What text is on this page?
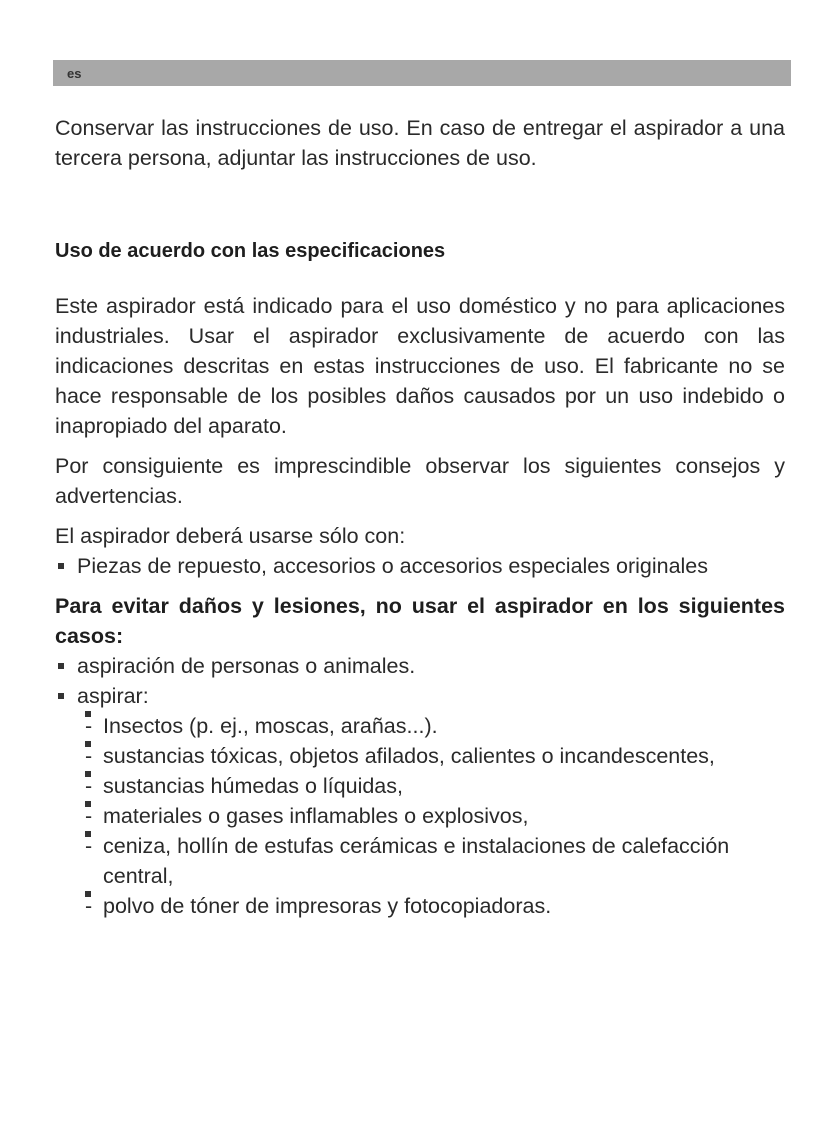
es

Conservar las instrucciones de uso. En caso de entregar el aspirador a una tercera persona, adjuntar las instrucciones de uso.

Uso de acuerdo con las especificaciones

Este aspirador está indicado para el uso doméstico y no para aplicaciones industriales. Usar el aspirador exclusivamente de acuerdo con las indicaciones descritas en estas instrucciones de uso. El fabricante no se hace responsable de los posibles daños causados por un uso indebido o inapropiado del aparato.

Por consiguiente es imprescindible observar los siguientes consejos y advertencias.

El aspirador deberá usarse sólo con:

Piezas de repuesto, accesorios o accesorios especiales originales

Para evitar daños y lesiones, no usar el aspirador en los siguientes casos:

aspiración de personas o animales.
aspirar:
- Insectos (p. ej., moscas, arañas...).
- sustancias tóxicas, objetos afilados, calientes o incandescentes,
- sustancias húmedas o líquidas,
- materiales o gases inflamables o explosivos,
- ceniza, hollín de estufas cerámicas e instalaciones de calefacción central,
- polvo de tóner de impresoras y fotocopiadoras.
